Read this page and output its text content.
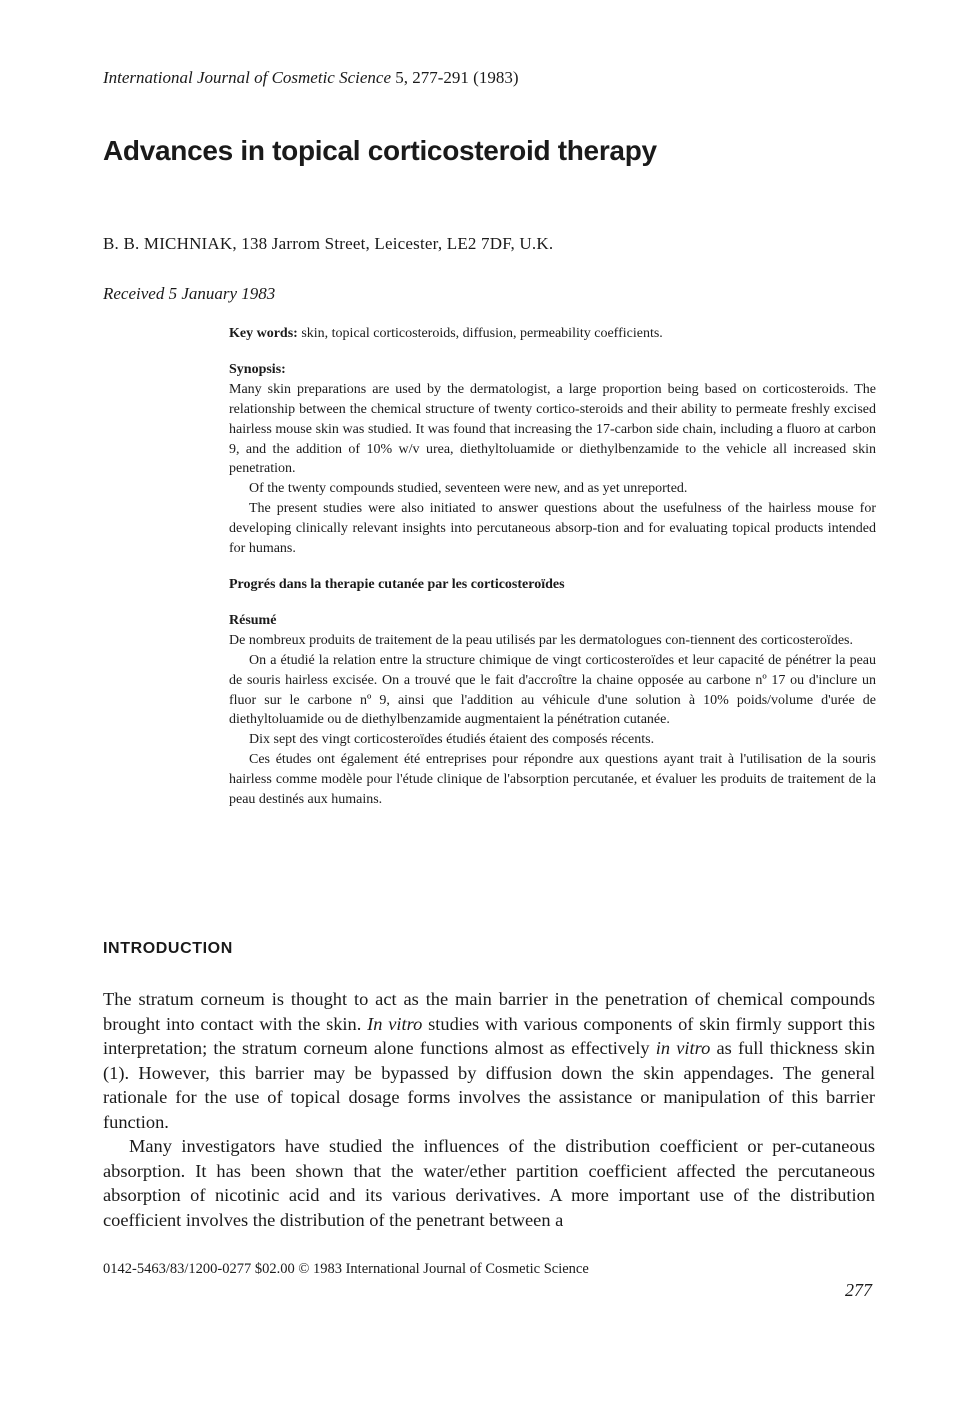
International Journal of Cosmetic Science 5, 277-291 (1983)
Advances in topical corticosteroid therapy
B. B. MICHNIAK, 138 Jarrom Street, Leicester, LE2 7DF, U.K.
Received 5 January 1983

Key words: skin, topical corticosteroids, diffusion, permeability coefficients.

Synopsis:

Many skin preparations are used by the dermatologist, a large proportion being based on corticosteroids. The relationship between the chemical structure of twenty cortico-steroids and their ability to permeate freshly excised hairless mouse skin was studied. It was found that increasing the 17-carbon side chain, including a fluoro at carbon 9, and the addition of 10% w/v urea, diethyltoluamide or diethylbenzamide to the vehicle all increased skin penetration.

Of the twenty compounds studied, seventeen were new, and as yet unreported.

The present studies were also initiated to answer questions about the usefulness of the hairless mouse for developing clinically relevant insights into percutaneous absorp-tion and for evaluating topical products intended for humans.

Progrés dans la therapie cutanée par les corticosteroïdes

Résumé

De nombreux produits de traitement de la peau utilisés par les dermatologues con-tiennent des corticosteroïdes.

On a étudié la relation entre la structure chimique de vingt corticosteroïdes et leur capacité de pénétrer la peau de souris hairless excisée. On a trouvé que le fait d'accroître la chaine opposée au carbone nº 17 ou d'inclure un fluor sur le carbone nº 9, ainsi que l'addition au véhicule d'une solution à 10% poids/volume d'urée de diethyltoluamide ou de diethylbenzamide augmentaient la pénétration cutanée.

Dix sept des vingt corticosteroïdes étudiés étaient des composés récents.

Ces études ont également été entreprises pour répondre aux questions ayant trait à l'utilisation de la souris hairless comme modèle pour l'étude clinique de l'absorption percutanée, et évaluer les produits de traitement de la peau destinés aux humains.

INTRODUCTION

The stratum corneum is thought to act as the main barrier in the penetration of chemical compounds brought into contact with the skin. In vitro studies with various components of skin firmly support this interpretation; the stratum corneum alone functions almost as effectively in vitro as full thickness skin (1). However, this barrier may be bypassed by diffusion down the skin appendages. The general rationale for the use of topical dosage forms involves the assistance or manipulation of this barrier function.

Many investigators have studied the influences of the distribution coefficient or per-cutaneous absorption. It has been shown that the water/ether partition coefficient affected the percutaneous absorption of nicotinic acid and its various derivatives. A more important use of the distribution coefficient involves the distribution of the penetrant between a

0142-5463/83/1200-0277 $02.00 © 1983 International Journal of Cosmetic Science
277
